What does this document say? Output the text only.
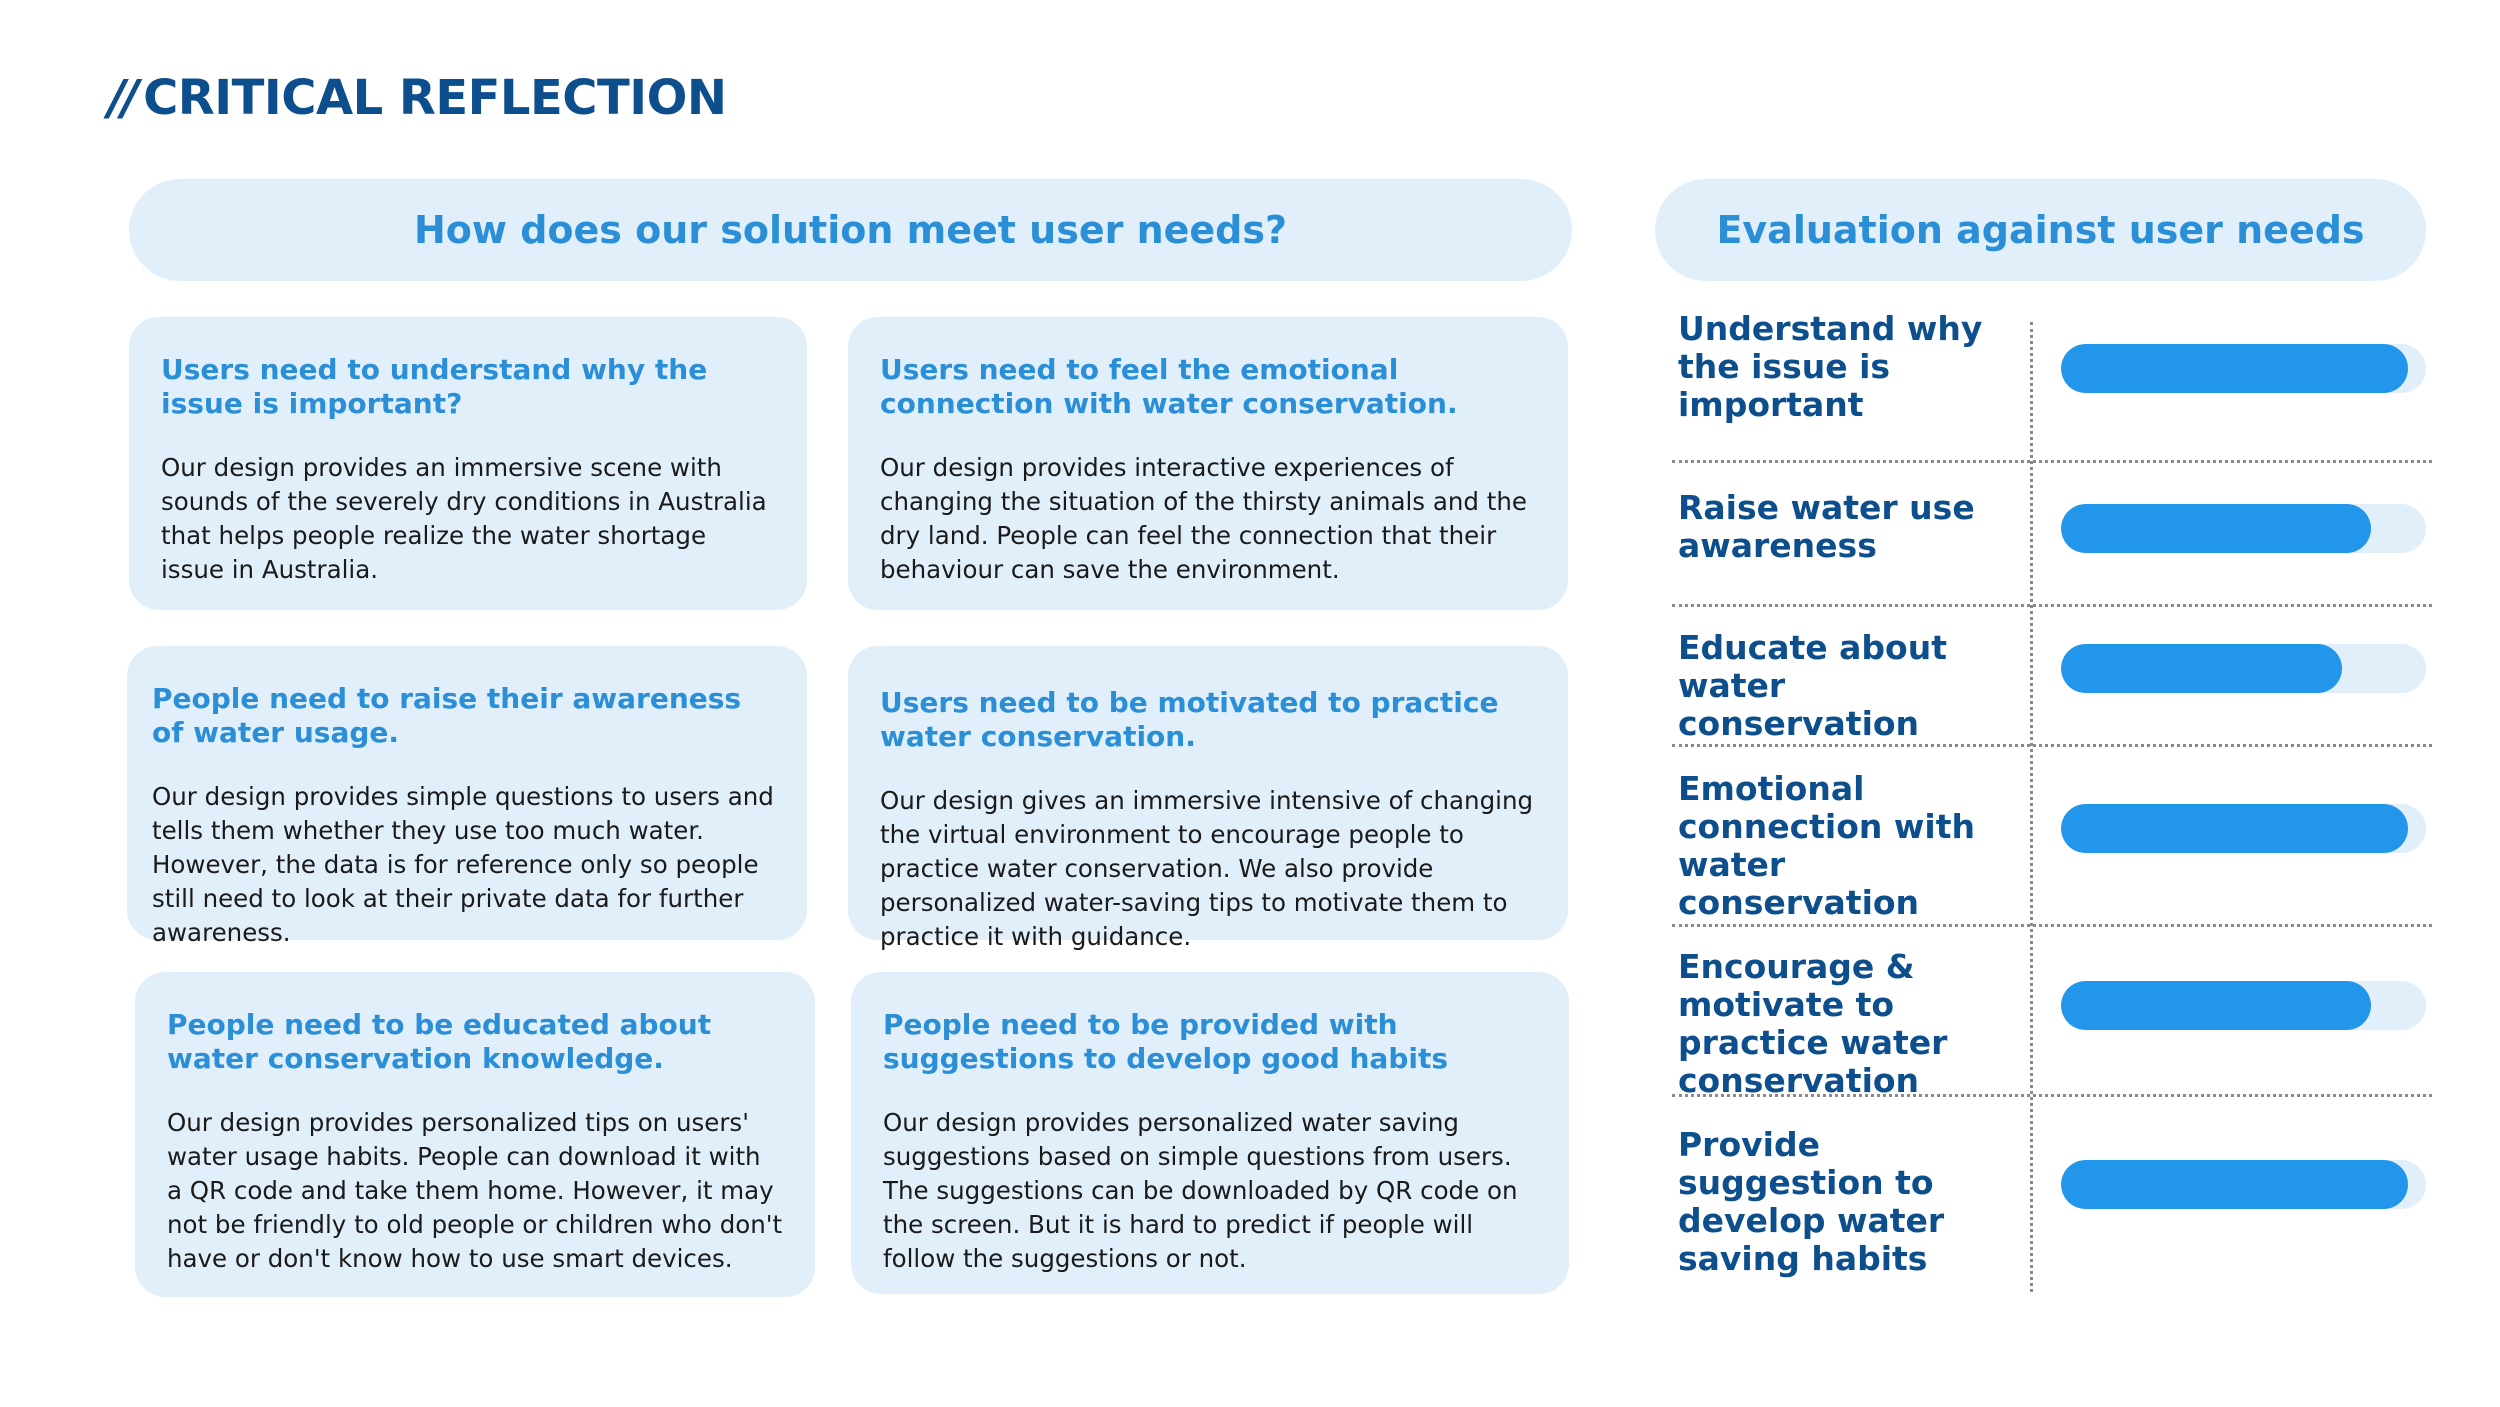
// CRITICAL REFLECTION
How does our solution meet user needs?	Evaluation against user needs
Users need to understand why the issue is important?
Our design provides an immersive scene with sounds of the severely dry conditions in Australia that helps people realize the water shortage issue in Australia.
Users need to feel the emotional connection with water conservation.
Our design provides interactive experiences of changing the situation of the thirsty animals and the dry land. People can feel the connection that their behaviour can save the environment.
People need to raise their awareness of water usage.
Our design provides simple questions to users and tells them whether they use too much water. However, the data is for reference only so people still need to look at their private data for further awareness.
Users need to be motivated to practice water conservation.
Our design gives an immersive intensive of changing the virtual environment to encourage people to practice water conservation. We also provide personalized water-saving tips to motivate them to practice it with guidance.
People need to be educated about water conservation knowledge.
Our design provides personalized tips on users' water usage habits. People can download it with a QR code and take them home. However, it may not be friendly to old people or children who don't have or don't know how to use smart devices.
People need to be provided with suggestions to develop good habits
Our design provides personalized water saving suggestions based on simple questions from users. The suggestions can be downloaded by QR code on the screen. But it is hard to predict if people will follow the suggestions or not.
Understand why the issue is important
Raise water use awareness
Educate about water conservation
Emotional connection with water conservation
Encourage & motivate to practice water conservation
Provide suggestion to develop water saving habits
